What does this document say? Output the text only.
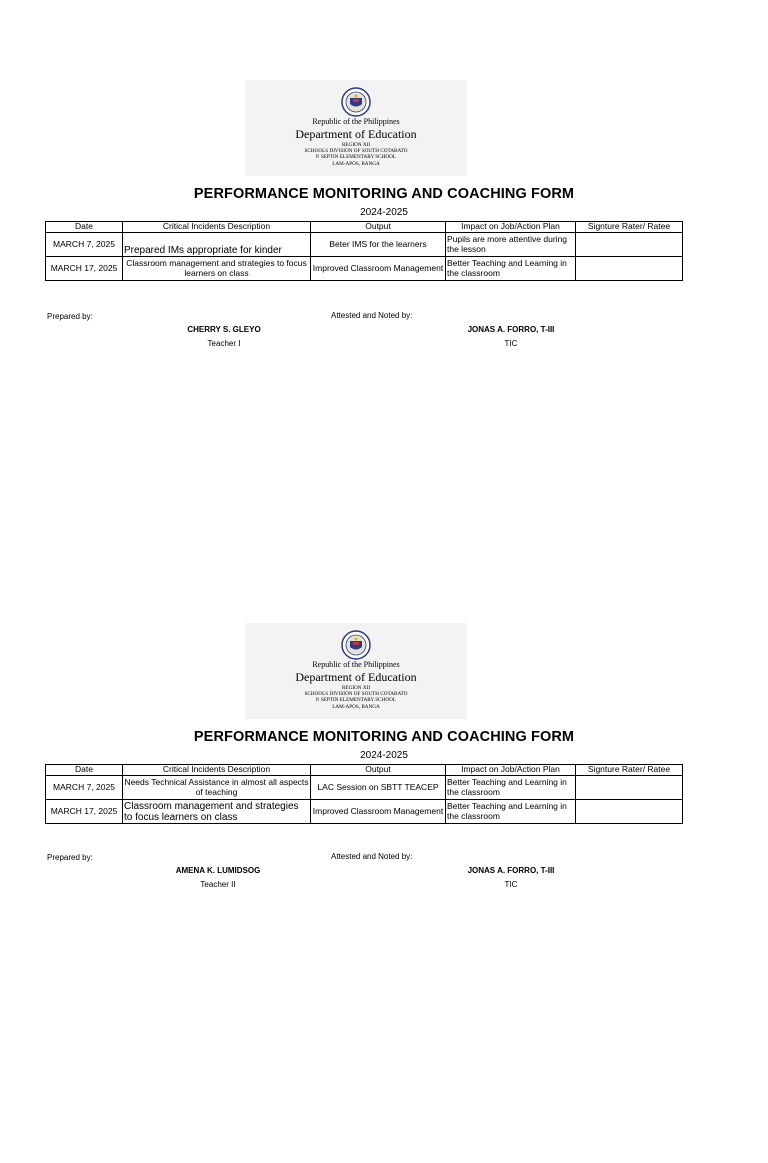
Republic of the Philippines
Department of Education
REGION XII
SCHOOLS DIVISION OF SOUTH COTABATO
P. SEPTIN ELEMENTARY SCHOOL
LAM-APOS, BANGA
PERFORMANCE MONITORING AND COACHING FORM
2024-2025
Date	Critical Incidents Description	Output	Impact on Job/Action Plan	Signture Rater/ Ratee
MARCH 7, 2025	Prepared IMs appropriate for kinder	Beter IMS for the learners	Pupils are more attentive during the lesson	
MARCH 17, 2025	Classroom management and strategies to focus learners on class	Improved Classroom Management	Better Teaching and Learning in the classroom	
Prepared by:	Attested and Noted by:
CHERRY S. GLEYO
Teacher I
JONAS A. FORRO, T-III
TIC
Republic of the Philippines
Department of Education
REGION XII
SCHOOLS DIVISION OF SOUTH COTABATO
P. SEPTIN ELEMENTARY SCHOOL
LAM-APOS, BANGA
PERFORMANCE MONITORING AND COACHING FORM
2024-2025
Date	Critical Incidents Description	Output	Impact on Job/Action Plan	Signture Rater/ Ratee
MARCH 7, 2025	Needs Technical Assistance in almost all aspects of teaching	LAC Session on SBTT TEACEP	Better Teaching and Learning in the classroom	
MARCH 17, 2025	Classroom management and strategies to focus learners on class	Improved Classroom Management	Better Teaching and Learning in the classroom	
Prepared by:	Attested and Noted by:
AMENA K. LUMIDSOG
Teacher II
JONAS A. FORRO, T-III
TIC
